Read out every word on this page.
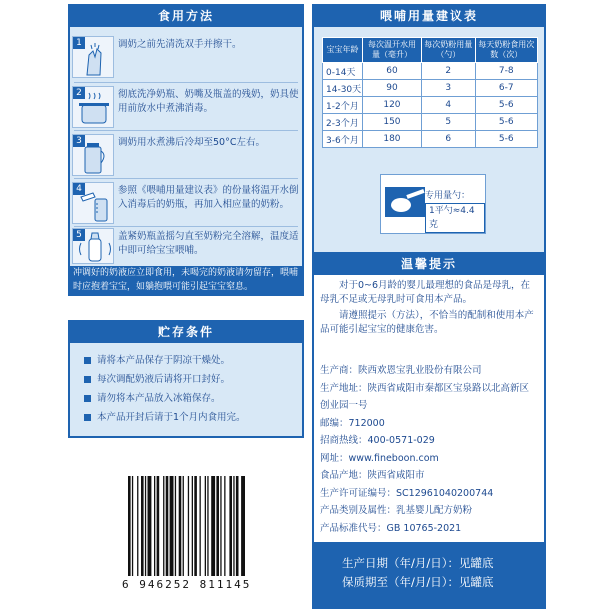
食用方法
1	调奶之前先清洗双手并擦干。
2	彻底洗净奶瓶、奶嘴及瓶盖的残奶，奶具使用前放水中煮沸消毒。
3	调奶用水煮沸后冷却至50°C左右。
4	参照《喂哺用量建议表》的份量将温开水倒入消毒后的奶瓶，再加入相应量的奶粉。
5	盖紧奶瓶盖摇匀直至奶粉完全溶解，温度适中即可给宝宝喂哺。
冲调好的奶液应立即食用，未喝完的奶液请勿留存，喂哺时应抱着宝宝，如躺抱喂可能引起宝宝窒息。
贮存条件
请将本产品保存于阴凉干燥处。
每次调配奶液后请将开口封好。
请勿将本产品放入冰箱保存。
本产品开封后请于1个月内食用完。
6 946252 811145
喂哺用量建议表
宝宝年龄	每次温开水用量（毫升）	每次奶粉用量（勺）	每天奶粉食用次数（次）
0-14天	60	2	7-8
14-30天	90	3	6-7
1-2个月	120	4	5-6
2-3个月	150	5	5-6
3-6个月	180	6	5-6
专用量勺：
1平勺≈4.4克
温馨提示

对于0~6月龄的婴儿最理想的食品是母乳，在母乳不足或无母乳时可食用本产品。

请遵照提示（方法），不恰当的配制和使用本产品可能引起宝宝的健康危害。

生产商：陕西欢恩宝乳业股份有限公司
生产地址：陕西省咸阳市秦都区宝泉路以北高新区
创业园一号
邮编：712000
招商热线：400-0571-029
网址：www.fineboon.com
食品产地：陕西省咸阳市
生产许可证编号：SC12961040200744
产品类别及属性：乳基婴儿配方奶粉
产品标准代号：GB 10765-2021
生产日期（年/月/日）：见罐底
保质期至（年/月/日）：见罐底
